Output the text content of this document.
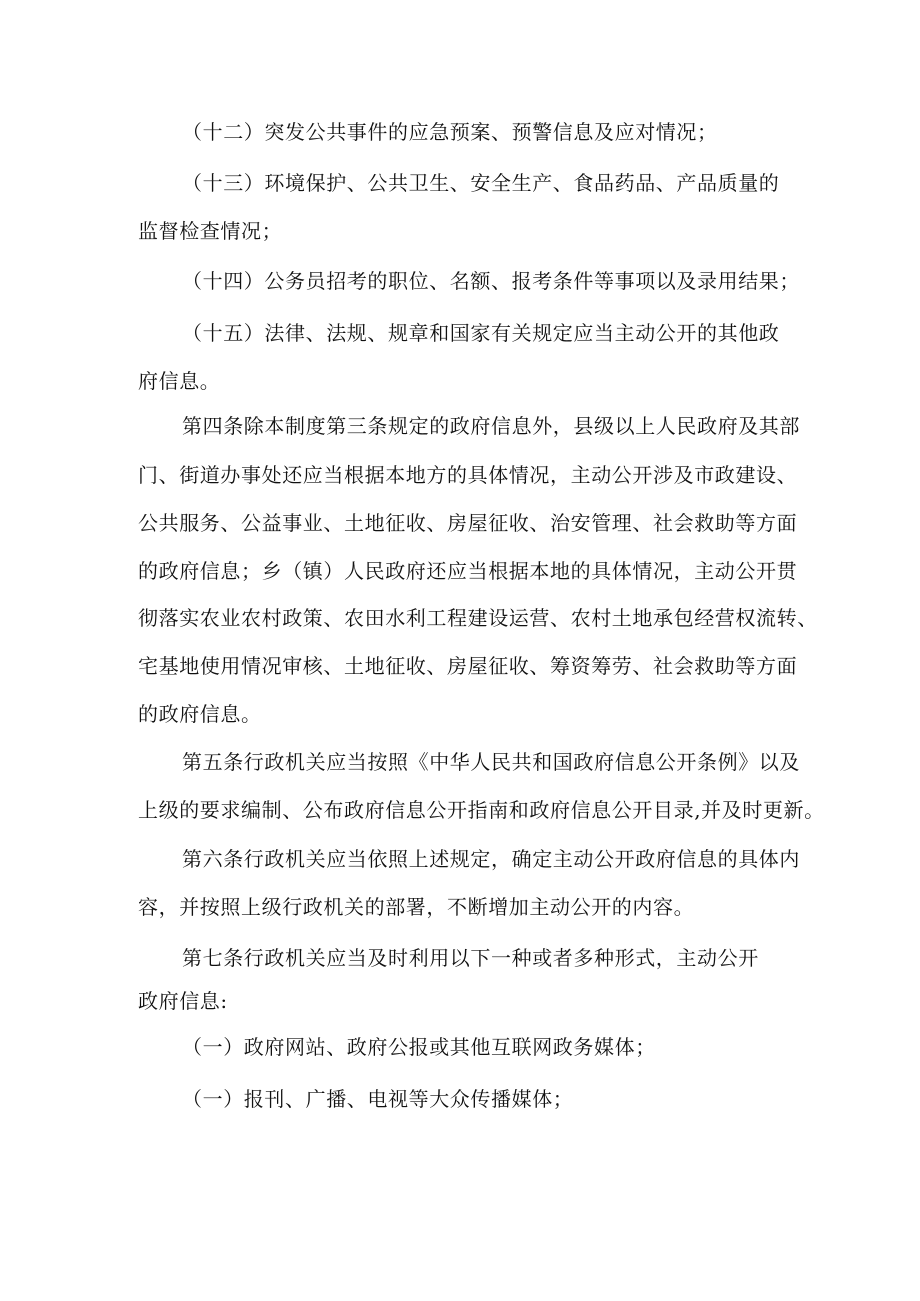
（十二）突发公共事件的应急预案、预警信息及应对情况；
（十三）环境保护、公共卫生、安全生产、食品药品、产品质量的
监督检查情况；
（十四）公务员招考的职位、名额、报考条件等事项以及录用结果；
（十五）法律、法规、规章和国家有关规定应当主动公开的其他政
府信息。
第四条除本制度第三条规定的政府信息外，县级以上人民政府及其部
门、街道办事处还应当根据本地方的具体情况，主动公开涉及市政建设、
公共服务、公益事业、土地征收、房屋征收、治安管理、社会救助等方面
的政府信息；乡（镇）人民政府还应当根据本地的具体情况，主动公开贯
彻落实农业农村政策、农田水利工程建设运营、农村土地承包经营权流转、
宅基地使用情况审核、土地征收、房屋征收、筹资筹劳、社会救助等方面
的政府信息。
第五条行政机关应当按照《中华人民共和国政府信息公开条例》以及
上级的要求编制、公布政府信息公开指南和政府信息公开目录,并及时更新。
第六条行政机关应当依照上述规定，确定主动公开政府信息的具体内
容，并按照上级行政机关的部署，不断增加主动公开的内容。
第七条行政机关应当及时利用以下一种或者多种形式，主动公开
政府信息:
（一）政府网站、政府公报或其他互联网政务媒体；
（一）报刊、广播、电视等大众传播媒体；
